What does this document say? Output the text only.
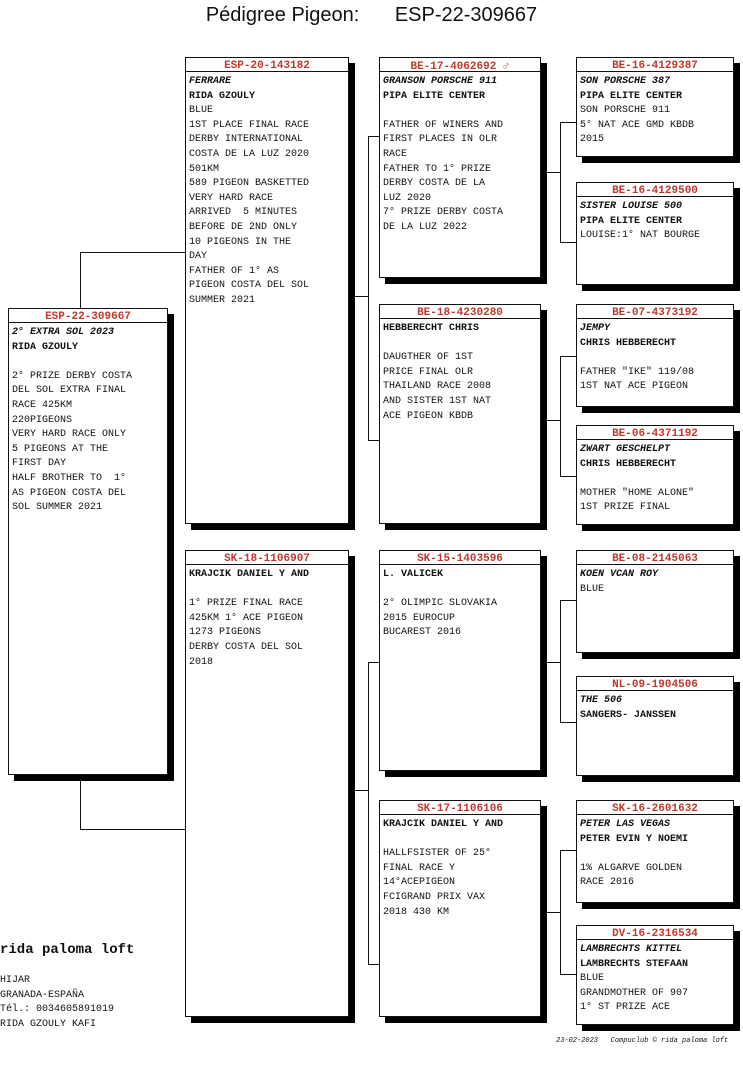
Pédigree Pigeon: ESP-22-309667
ESP-22-309667
2° EXTRA SOL 2023
RIDA GZOULY

2° PRIZE DERBY COSTA
DEL SOL EXTRA FINAL
RACE 425KM
220PIGEONS
VERY HARD RACE ONLY
5 PIGEONS AT THE
FIRST DAY
HALF BROTHER TO  1°
AS PIGEON COSTA DEL
SOL SUMMER 2021
ESP-20-143182
FERRARE
RIDA GZOULY
BLUE
1ST PLACE FINAL RACE
DERBY INTERNATIONAL
COSTA DE LA LUZ 2020
501KM
589 PIGEON BASKETTED
VERY HARD RACE
ARRIVED  5 MINUTES
BEFORE DE 2ND ONLY
10 PIGEONS IN THE
DAY
FATHER OF 1° AS
PIGEON COSTA DEL SOL
SUMMER 2021
SK-18-1106907
KRAJCIK DANIEL Y AND

1° PRIZE FINAL RACE
425KM 1° ACE PIGEON
1273 PIGEONS
DERBY COSTA DEL SOL
2018
BE-17-4062692 ♂
GRANSON PORSCHE 911
PIPA ELITE CENTER

FATHER OF WINERS AND
FIRST PLACES IN OLR
RACE
FATHER TO 1° PRIZE
DERBY COSTA DE LA
LUZ 2020
7° PRIZE DERBY COSTA
DE LA LUZ 2022
BE-18-4230280
HEBBERECHT CHRIS

DAUGTHER OF 1ST
PRICE FINAL OLR
THAILAND RACE 2008
AND SISTER 1ST NAT
ACE PIGEON KBDB
SK-15-1403596
L. VALICEK

2° OLIMPIC SLOVAKIA
2015 EUROCUP
BUCAREST 2016
SK-17-1106106
KRAJCIK DANIEL Y AND

HALLFSISTER OF 25°
FINAL RACE Y
14°ACEPIGEON
FCIGRAND PRIX VAX
2018 430 KM
BE-16-4129387
SON PORSCHE 387
PIPA ELITE CENTER
SON PORSCHE 911
5° NAT ACE GMD KBDB
2015
BE-16-4129500
SISTER LOUISE 500
PIPA ELITE CENTER
LOUISE:1° NAT BOURGE
BE-07-4373192
JEMPY
CHRIS HEBBERECHT

FATHER "IKE" 119/08
1ST NAT ACE PIGEON
BE-06-4371192
ZWART GESCHELPT
CHRIS HEBBERECHT

MOTHER "HOME ALONE"
1ST PRIZE FINAL
BE-08-2145063
KOEN VCAN ROY
BLUE
NL-09-1904506
THE 506
SANGERS- JANSSEN
SK-16-2601632
PETER LAS VEGAS
PETER EVIN Y NOEMI

1% ALGARVE GOLDEN
RACE 2016
DV-16-2316534
LAMBRECHTS KITTEL
LAMBRECHTS STEFAAN
BLUE
GRANDMOTHER OF 907
1° ST PRIZE ACE
rida paloma loft
HIJAR
GRANADA-ESPAÑA
Tél.: 0034605891019
RIDA GZOULY KAFI
23-02-2023 Compuclub © rida paloma loft
